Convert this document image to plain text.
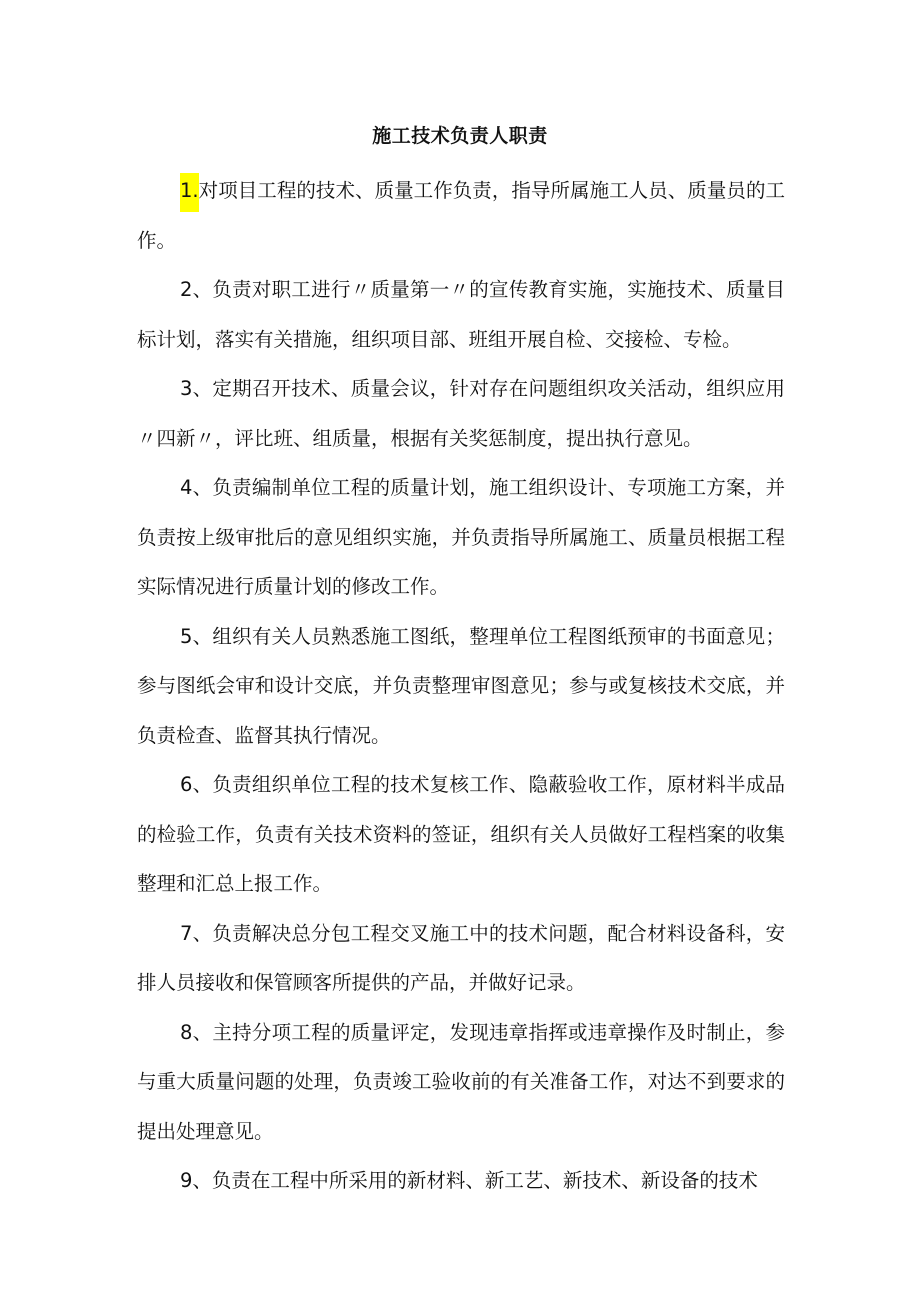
施工技术负责人职责

1.对项目工程的技术、质量工作负责，指导所属施工人员、质量员的工作。

2、负责对职工进行〃质量第一〃的宣传教育实施，实施技术、质量目标计划，落实有关措施，组织项目部、班组开展自检、交接检、专检。

3、定期召开技术、质量会议，针对存在问题组织攻关活动，组织应用〃四新〃，评比班、组质量，根据有关奖惩制度，提出执行意见。

4、负责编制单位工程的质量计划，施工组织设计、专项施工方案，并负责按上级审批后的意见组织实施，并负责指导所属施工、质量员根据工程实际情况进行质量计划的修改工作。

5、组织有关人员熟悉施工图纸，整理单位工程图纸预审的书面意见；参与图纸会审和设计交底，并负责整理审图意见；参与或复核技术交底，并负责检查、监督其执行情况。

6、负责组织单位工程的技术复核工作、隐蔽验收工作，原材料半成品的检验工作，负责有关技术资料的签证，组织有关人员做好工程档案的收集整理和汇总上报工作。

7、负责解决总分包工程交叉施工中的技术问题，配合材料设备科，安排人员接收和保管顾客所提供的产品，并做好记录。

8、主持分项工程的质量评定，发现违章指挥或违章操作及时制止，参与重大质量问题的处理，负责竣工验收前的有关准备工作，对达不到要求的提出处理意见。

9、负责在工程中所采用的新材料、新工艺、新技术、新设备的技术
